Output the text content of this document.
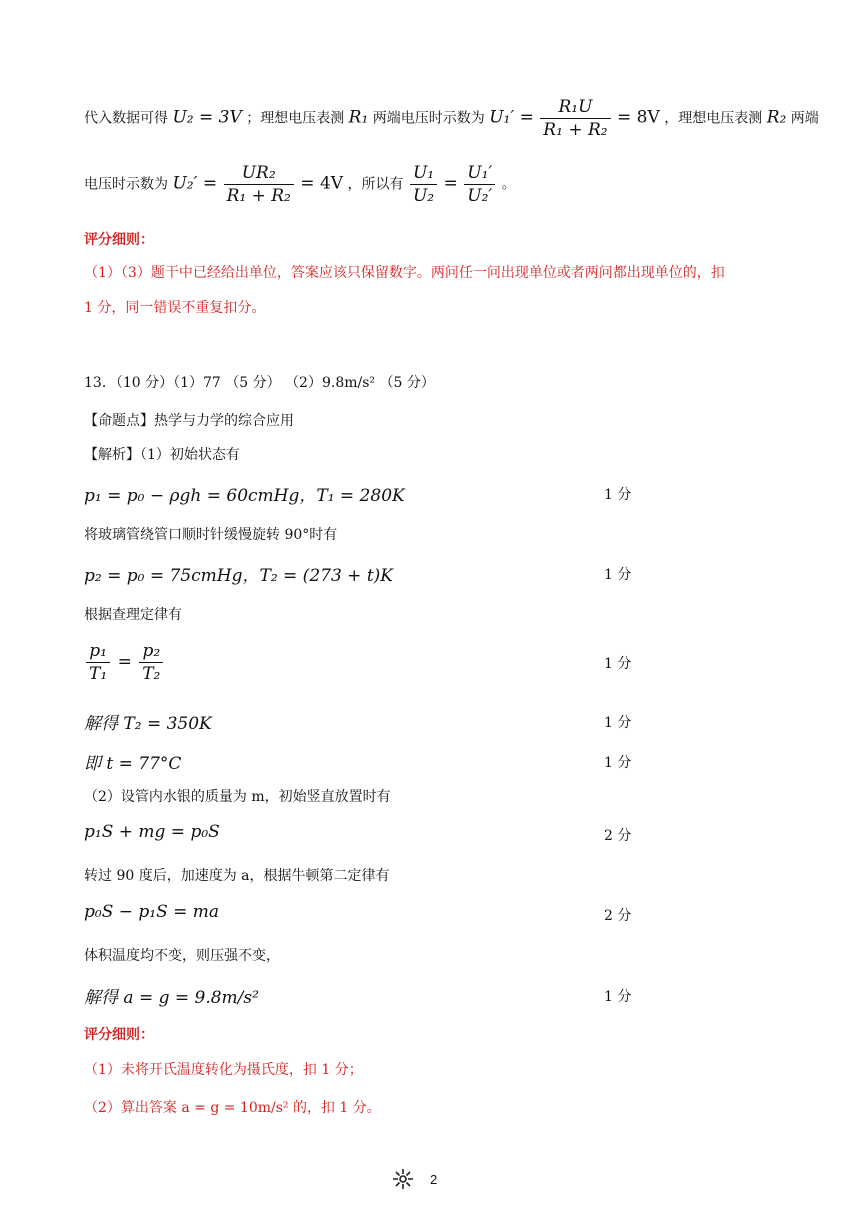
代入数据可得 U₂ = 3V ；理想电压表测 R₁ 两端电压时示数为 $U_1' = \frac{\text{R₁U}}{\text{R₁ + R₂}} = 8V$ ，理想电压表测 R₂ 两端
电压时示数为 $U_2' = \frac{\text{UR₂}}{\text{R₁ + R₂}} = 4V$ ，所以有 $\frac{\text{U₁}}{\text{U₂}} = \frac{\text{U₁′}}{\text{U₂′}}$ 。
评分细则：
（1）（3）题干中已经给出单位，答案应该只保留数字。两问任一问出现单位或者两问都出现单位的，扣
1 分，同一错误不重复扣分。
13．（10 分）（1）77 （5 分） （2）9.8m/s² （5 分）
【命题点】热学与力学的综合应用
【解析】（1）初始状态有
p₁ = p₀ − ρgh = 60cmHg，T₁ = 280K	1 分
将玻璃管绕管口顺时针缓慢旋转 90°时有
p₂ = p₀ = 75cmHg，T₂ = (273 + t)K	1 分
根据查理定律有
$\frac{\text{p₁}}{\text{T₁}} = \frac{\text{p₂}}{\text{T₂}}$	1 分
解得 T₂ = 350K	1 分
即 t = 77°C	1 分
（2）设管内水银的质量为 m，初始竖直放置时有
p₁S + mg = p₀S	2 分
转过 90 度后，加速度为 a，根据牛顿第二定律有
p₀S − p₁S = ma	2 分
体积温度均不变，则压强不变，
解得 a = g = 9.8m/s²	1 分
评分细则：
（1）未将开氏温度转化为摄氏度，扣 1 分；
（2）算出答案 a = g = 10m/s² 的，扣 1 分。
2
